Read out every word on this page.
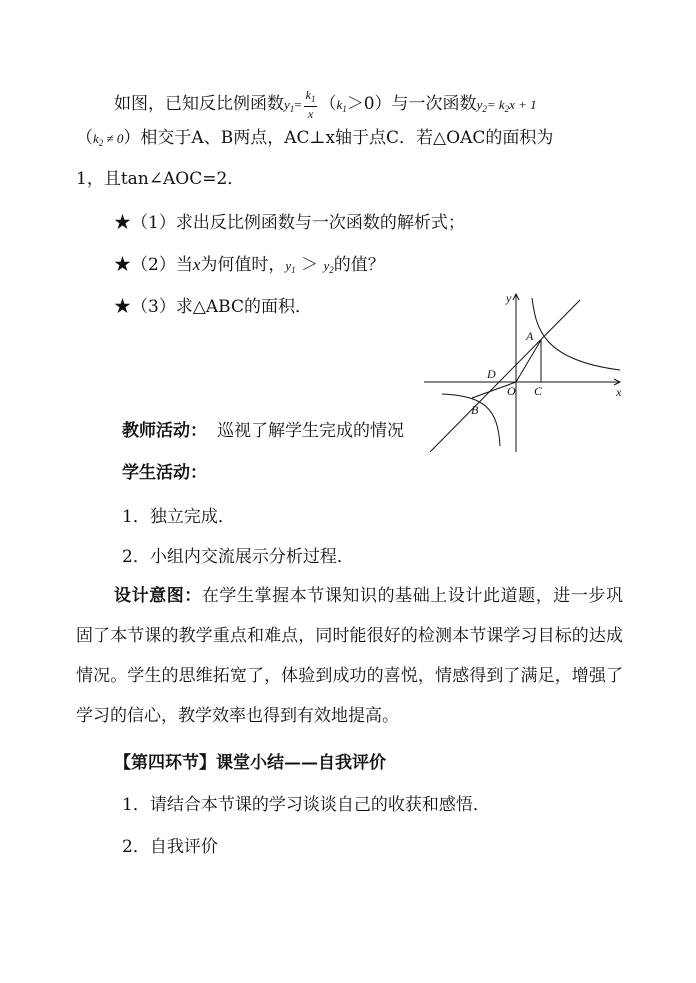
如图，已知反比例函数$y_1= \frac{k_1}{x} (k_1>0)$与一次函数$y_2= k_2x + 1$
$(k_2 \ne 0)$相交于A、B两点，AC⊥x轴于点C．若△OAC的面积为
1，且tan∠AOC=2．
★（1）求出反比例函数与一次函数的解析式；
★（2）当x为何值时，$y_1 > y_2$的值？
★（3）求△ABC的面积．
教师活动： 巡视了解学生完成的情况
y
x
A
B
C
D
O
学生活动：
1．独立完成．
2．小组内交流展示分析过程．
设计意图：在学生掌握本节课知识的基础上设计此道题，进一步巩固了本节课的教学重点和难点，同时能很好的检测本节课学习目标的达成情况。学生的思维拓宽了，体验到成功的喜悦，情感得到了满足，增强了学习的信心，教学效率也得到有效地提高。
【第四环节】课堂小结——自我评价
1．请结合本节课的学习谈谈自己的收获和感悟．
2．自我评价
